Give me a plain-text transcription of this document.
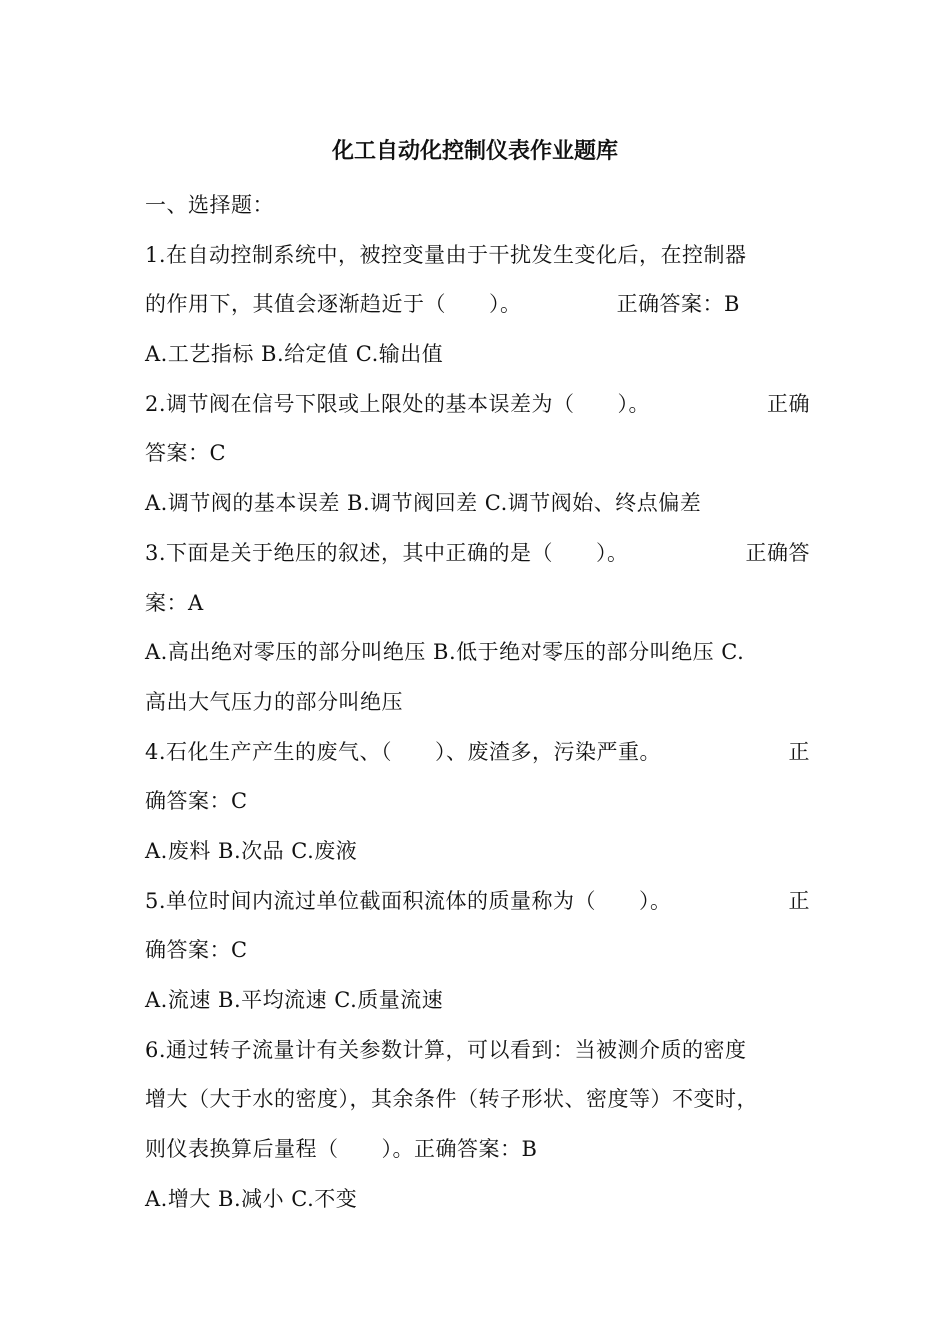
化工自动化控制仪表作业题库

一、选择题：

1.在自动控制系统中，被控变量由于干扰发生变化后，在控制器

的作用下，其值会逐渐趋近于（　　）。	正确答案：B

A.工艺指标 B.给定值 C.输出值

2.调节阀在信号下限或上限处的基本误差为（　　）。	正确

答案：C

A.调节阀的基本误差 B.调节阀回差 C.调节阀始、终点偏差

3.下面是关于绝压的叙述，其中正确的是（　　）。	正确答

案：A

A.高出绝对零压的部分叫绝压 B.低于绝对零压的部分叫绝压 C.

高出大气压力的部分叫绝压

4.石化生产产生的废气、（　　）、废渣多，污染严重。	正

确答案：C

A.废料 B.次品 C.废液

5.单位时间内流过单位截面积流体的质量称为（　　）。	正

确答案：C

A.流速 B.平均流速 C.质量流速

6.通过转子流量计有关参数计算，可以看到：当被测介质的密度

增大（大于水的密度），其余条件（转子形状、密度等）不变时，

则仪表换算后量程（　　）。正确答案：B

A.增大 B.减小 C.不变
